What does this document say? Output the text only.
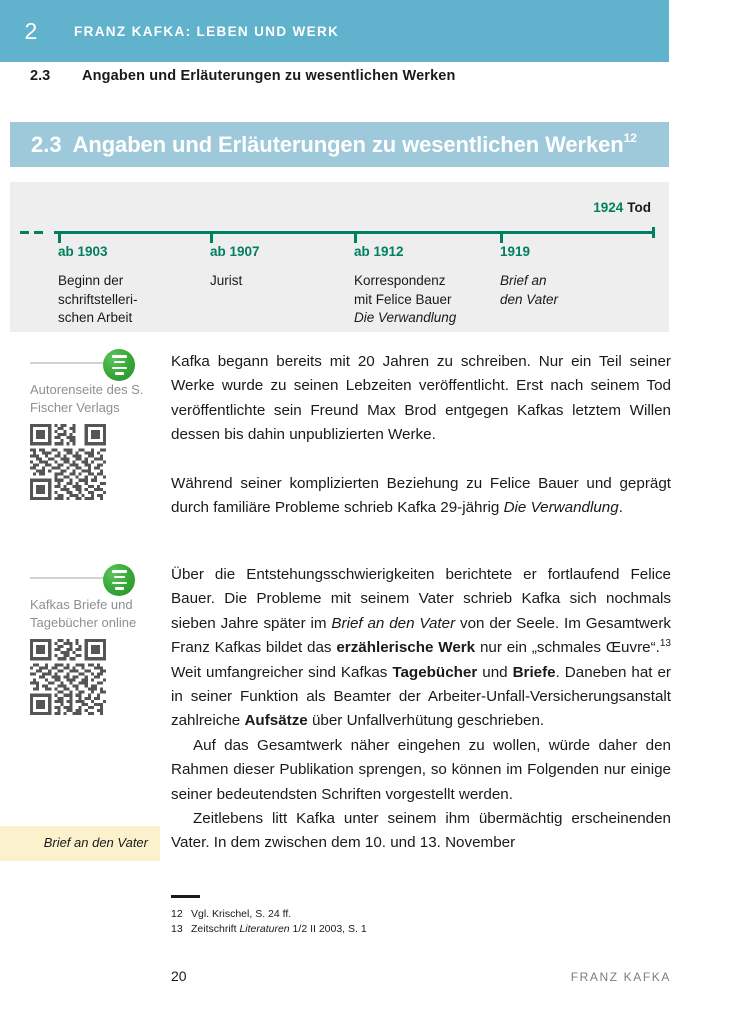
2	FRANZ KAFKA: LEBEN UND WERK
2.3	Angaben und Erläuterungen zu wesentlichen Werken
2.3 Angaben und Erläuterungen zu wesentlichen Werken 12
1924 Tod
ab 1903
Beginn der
schriftstelleri-
schen Arbeit
ab 1907
Jurist
ab 1912
Korrespondenz
mit Felice Bauer
Die Verwandlung
1919
Brief an
den Vater
Autorenseite des S. Fischer Verlags
Kafkas Briefe und Tagebücher online
Brief an den Vater

Kafka begann bereits mit 20 Jahren zu schreiben. Nur ein Teil seiner Werke wurde zu seinen Lebzeiten veröffentlicht. Erst nach seinem Tod veröffentlichte sein Freund Max Brod entgegen Kafkas letztem Willen dessen bis dahin unpublizierten Werke.

Während seiner komplizierten Beziehung zu Felice Bauer und geprägt durch familiäre Probleme schrieb Kafka 29-jährig Die Verwandlung.

Über die Entstehungsschwierigkeiten berichtete er fortlaufend Felice Bauer. Die Probleme mit seinem Vater schrieb Kafka sich nochmals sieben Jahre später im Brief an den Vater von der Seele. Im Gesamtwerk Franz Kafkas bildet das erzählerische Werk nur ein „schmales Œuvre“.$^{13}$ Weit umfangreicher sind Kafkas Tagebücher und Briefe. Daneben hat er in seiner Funktion als Beamter der Arbeiter-Unfall-Versicherungsanstalt zahlreiche Aufsätze über Unfallverhütung geschrieben.

Auf das Gesamtwerk näher eingehen zu wollen, würde daher den Rahmen dieser Publikation sprengen, so können im Folgenden nur einige seiner bedeutendsten Schriften vorgestellt werden.

Zeitlebens litt Kafka unter seinem ihm übermächtig erscheinenden Vater. In dem zwischen dem 10. und 13. November

12 Vgl. Krischel, S. 24 ff.
13 Zeitschrift Literaturen 1/2 II 2003, S. 1
20	FRANZ KAFKA
